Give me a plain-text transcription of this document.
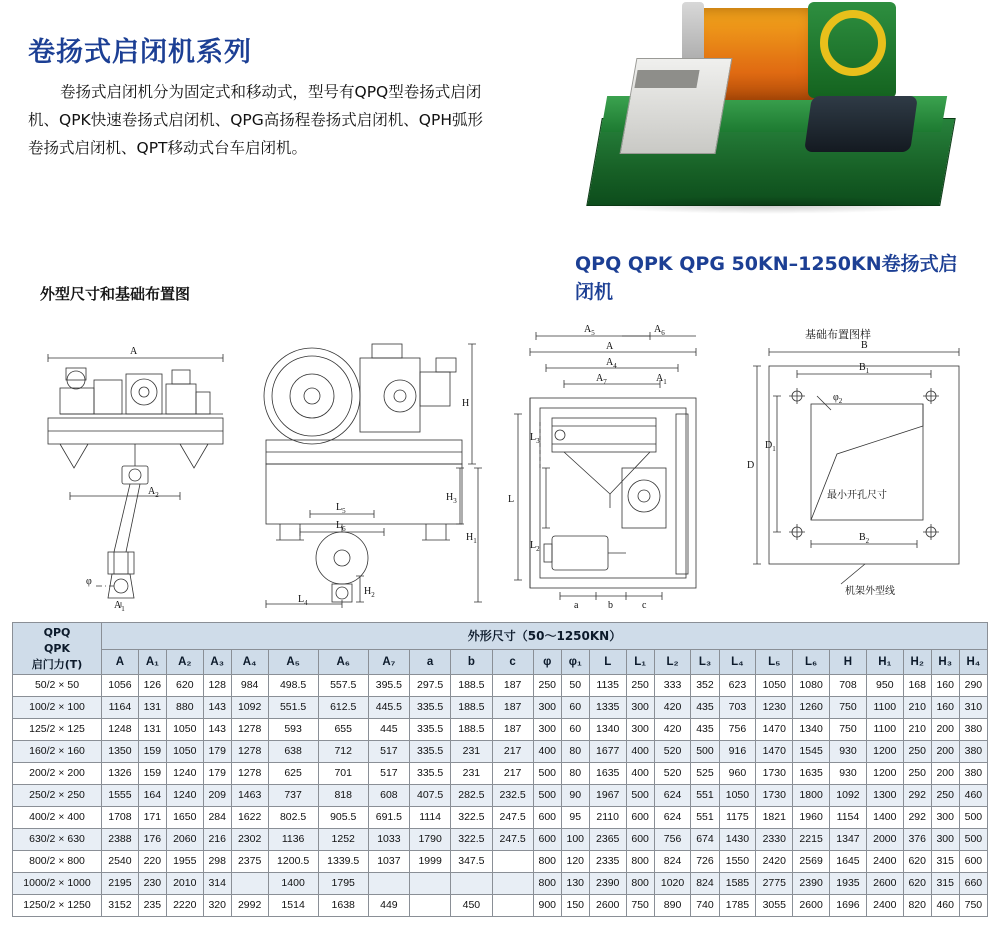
卷扬式启闭机系列
卷扬式启闭机分为固定式和移动式，型号有QPQ型卷扬式启闭机、QPK快速卷扬式启闭机、QPG高扬程卷扬式启闭机、QPH弧形卷扬式启闭机、QPT移动式台车启闭机。
QPQ QPK QPG 50KN–1250KN卷扬式启闭机
外型尺寸和基础布置图
A
$A_2$
φ
$A_1$
H
$H_3$
$H_1$
$L_5$
$L_6$
$L_4$
$H_2$
$A_5$	$A_6$
A
$A_4$
$A_7$	$A_1$
$L_3$
L
$L_2$
a	b	c
基础布置图样
B
$B_1$
$B_2$
D
$D_1$
$\varphi_2$
最小开孔尺寸
机架外型线
QPQ
QPK
启门力(T)	外形尺寸（50～1250KN）																								
	A	A₁	A₂	A₃	A₄	A₅	A₆	A₇	a	b	c	φ	φ₁	L	L₁	L₂	L₃	L₄	L₅	L₆	H	H₁	H₂	H₃	H₄
50/2 × 50	1056	126	620	128	984	498.5	557.5	395.5	297.5	188.5	187	250	50	1135	250	333	352	623	1050	1080	708	950	168	160	290
100/2 × 100	1164	131	880	143	1092	551.5	612.5	445.5	335.5	188.5	187	300	60	1335	300	420	435	703	1230	1260	750	1100	210	160	310
125/2 × 125	1248	131	1050	143	1278	593	655	445	335.5	188.5	187	300	60	1340	300	420	435	756	1470	1340	750	1100	210	200	380
160/2 × 160	1350	159	1050	179	1278	638	712	517	335.5	231	217	400	80	1677	400	520	500	916	1470	1545	930	1200	250	200	380
200/2 × 200	1326	159	1240	179	1278	625	701	517	335.5	231	217	500	80	1635	400	520	525	960	1730	1635	930	1200	250	200	380
250/2 × 250	1555	164	1240	209	1463	737	818	608	407.5	282.5	232.5	500	90	1967	500	624	551	1050	1730	1800	1092	1300	292	250	460
400/2 × 400	1708	171	1650	284	1622	802.5	905.5	691.5	1114	322.5	247.5	600	95	2110	600	624	551	1175	1821	1960	1154	1400	292	300	500
630/2 × 630	2388	176	2060	216	2302	1136	1252	1033	1790	322.5	247.5	600	100	2365	600	756	674	1430	2330	2215	1347	2000	376	300	500
800/2 × 800	2540	220	1955	298	2375	1200.5	1339.5	1037	1999	347.5		800	120	2335	800	824	726	1550	2420	2569	1645	2400	620	315	600
1000/2 × 1000	2195	230	2010	314		1400	1795					800	130	2390	800	1020	824	1585	2775	2390	1935	2600	620	315	660
1250/2 × 1250	3152	235	2220	320	2992	1514	1638	449		450		900	150	2600	750	890	740	1785	3055	2600	1696	2400	820	460	750
